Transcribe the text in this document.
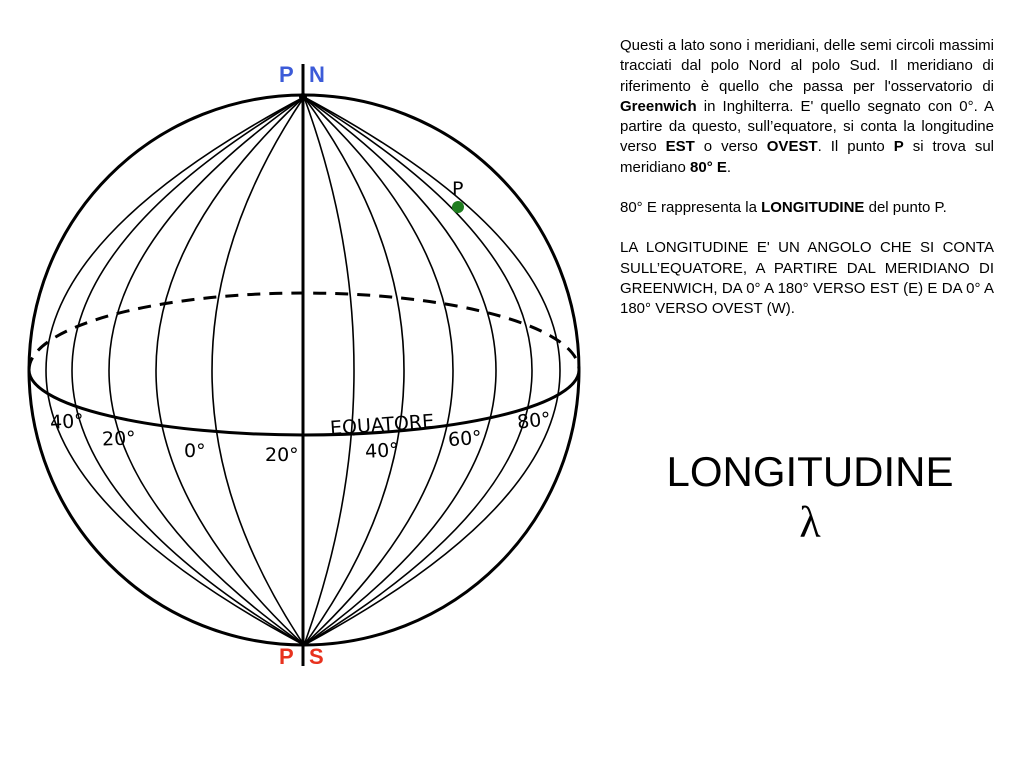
P N
P S
P
EQUATORE
40°
20°
0°	20°	40°	60°
80°

Questi a lato sono i meridiani, delle semi circoli massimi tracciati dal polo Nord al polo Sud. Il meridiano di riferimento è quello che passa per l'osservatorio di Greenwich in Inghilterra. E' quello segnato con 0°. A partire da questo, sull’equatore, si conta la longitudine verso EST o verso OVEST. Il punto P si trova sul meridiano 80° E.

80° E rappresenta la LONGITUDINE del punto P.

LA LONGITUDINE E' UN ANGOLO CHE SI CONTA SULL’EQUATORE, A PARTIRE DAL MERIDIANO DI GREENWICH, DA 0° A 180° VERSO EST (E) E DA 0° A 180° VERSO OVEST (W).

LONGITUDINE
λ
